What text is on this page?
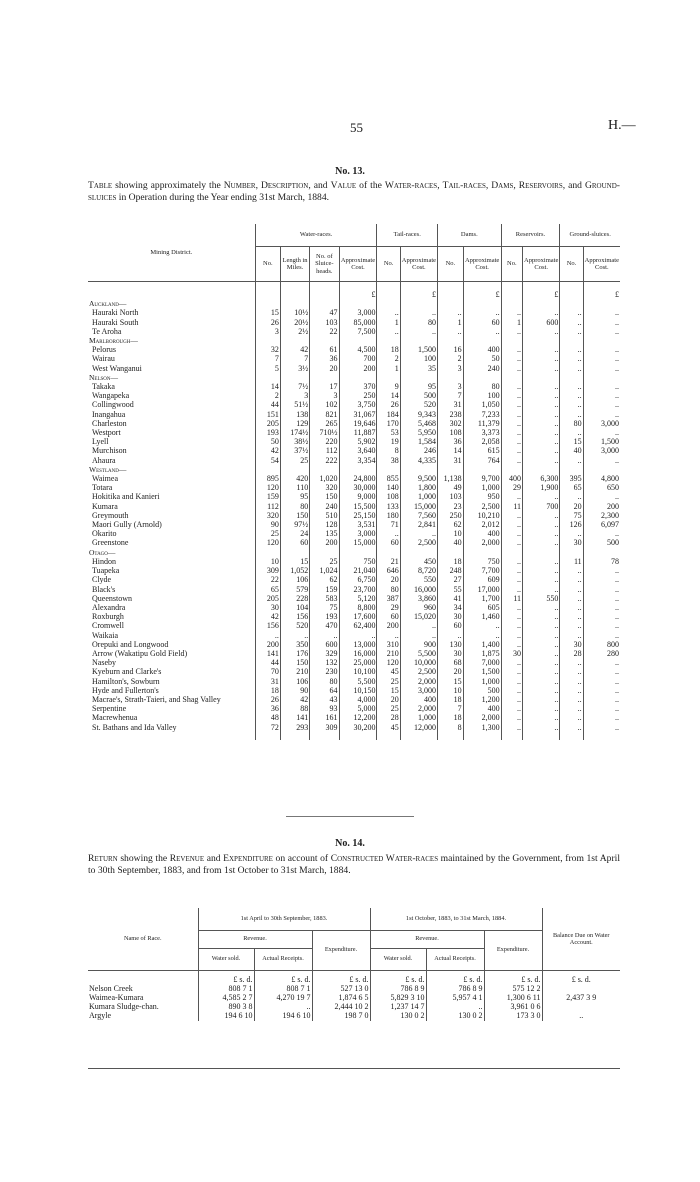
55	H.—
No. 13.
Table showing approximately the Number, Description, and Value of the Water-races, Tail-races, Dams, Reservoirs, and Ground-sluices in Operation during the Year ending 31st March, 1884.
Mining District.	Water-races.				Tail-races.		Dams.		Reservoirs.		Ground-sluices.	
	No.	Length in Miles.	No. of Sluice-heads.	Approximate Cost.	No.	Approximate Cost.	No.	Approximate Cost.	No.	Approximate Cost.	No.	Approximate Cost.

				£		£		£		£		£
Auckland—												
Hauraki North	15	10½	47	3,000	..	..	..	..	..	..	..	..
Hauraki South	26	20½	103	85,000	1	80	1	60	1	600	..	..
Te Aroha	3	2½	22	7,500	..	..	..	..	..	..	..	..
Marlborough—												
Pelorus	32	42	61	4,500	18	1,500	16	400	..	..	..	..
Wairau	7	7	36	700	2	100	2	50	..	..	..	..
West Wanganui	5	3½	20	200	1	35	3	240	..	..	..	..
Nelson—												
Takaka	14	7½	17	370	9	95	3	80	..	..	..	..
Wangapeka	2	3	3	250	14	500	7	100	..	..	..	..
Collingwood	44	51½	102	3,750	26	520	31	1,050	..	..	..	..
Inangahua	151	138	821	31,067	184	9,343	238	7,233	..	..	..	..
Charleston	205	129	265	19,646	170	5,468	302	11,379	..	..	80	3,000
Westport	193	174½	710½	11,887	53	5,950	108	3,373	..	..	..	..
Lyell	50	38½	220	5,902	19	1,584	36	2,058	..	..	15	1,500
Murchison	42	37½	112	3,640	8	246	14	615	..	..	40	3,000
Ahaura	54	25	222	3,354	38	4,335	31	764	..	..	..	..
Westland—												
Waimea	895	420	1,020	24,800	855	9,500	1,138	9,700	400	6,300	395	4,800
Totara	120	110	320	30,000	140	1,800	49	1,000	29	1,900	65	650
Hokitika and Kanieri	159	95	150	9,000	108	1,000	103	950	..	..	..	..
Kumara	112	80	240	15,500	133	15,000	23	2,500	11	700	20	200
Greymouth	320	150	510	25,150	180	7,560	250	10,210	..	..	75	2,300
Maori Gully (Arnold)	90	97½	128	3,531	71	2,841	62	2,012	..	..	126	6,097
Okarito	25	24	135	3,000	..	..	10	400	..	..	..	..
Greenstone	120	60	200	15,000	60	2,500	40	2,000	..	..	30	500
Otago—												
Hindon	10	15	25	750	21	450	18	750	..	..	11	78
Tuapeka	309	1,052	1,024	21,040	646	8,720	248	7,700	..	..	..	..
Clyde	22	106	62	6,750	20	550	27	609	..	..	..	..
Black's	65	579	159	23,700	80	16,000	55	17,000	..	..	..	..
Queenstown	205	228	583	5,120	387	3,860	41	1,700	11	550	..	..
Alexandra	30	104	75	8,800	29	960	34	605	..	..	..	..
Roxburgh	42	156	193	17,600	60	15,020	30	1,460	..	..	..	..
Cromwell	156	520	470	62,400	200	..	60	..	..	..	..	..
Waikaia	..	..	..	..	..	..	..	..	..	..	..	..
Orepuki and Longwood	200	350	600	13,000	310	900	130	1,400	..	..	30	800
Arrow (Wakatipu Gold Field)	141	176	329	16,000	210	5,500	30	1,875	30	..	28	280
Naseby	44	150	132	25,000	120	10,000	68	7,000	..	..	..	..
Kyeburn and Clarke's	70	210	230	10,100	45	2,500	20	1,500	..	..	..	..
Hamilton's, Sowburn	31	106	80	5,500	25	2,000	15	1,000	..	..	..	..
Hyde and Fullerton's	18	90	64	10,150	15	3,000	10	500	..	..	..	..
Macrae's, Strath-Taieri, and Shag Valley	26	42	43	4,000	20	400	18	1,200	..	..	..	..
Serpentine	36	88	93	5,000	25	2,000	7	400	..	..	..	..
Macrewhenua	48	141	161	12,200	28	1,000	18	2,000	..	..	..	..
St. Bathans and Ida Valley	72	293	309	30,200	45	12,000	8	1,300	..	..	..	..

No. 14.
Return showing the Revenue and Expenditure on account of Constructed Water-races maintained by the Government, from 1st April to 30th September, 1883, and from 1st October to 31st March, 1884.
Name of Race.	1st April to 30th September, 1883.			1st October, 1883, to 31st March, 1884.			Balance Due on Water Account.
	Revenue.		Expenditure.	Revenue.		Expenditure.	
	Water sold.	Actual Receipts.		Water sold.	Actual Receipts.		
	£ s. d.	£ s. d.	£ s. d.	£ s. d.	£ s. d.	£ s. d.	£ s. d.
Nelson Creek	808 7 1	808 7 1	527 13 0	786 8 9	786 8 9	575 12 2	2,437 3 9
Waimea-Kumara	4,585 2 7	4,270 19 7	1,874 6 5	5,829 3 10	5,957 4 1	1,300 6 11	
Kumara Sludge-chan.	890 3 8	..	2,444 10 2	1,237 14 7	..	3,961 0 6	
Argyle	194 6 10	194 6 10	198 7 0	130 0 2	130 0 2	173 3 0	..
